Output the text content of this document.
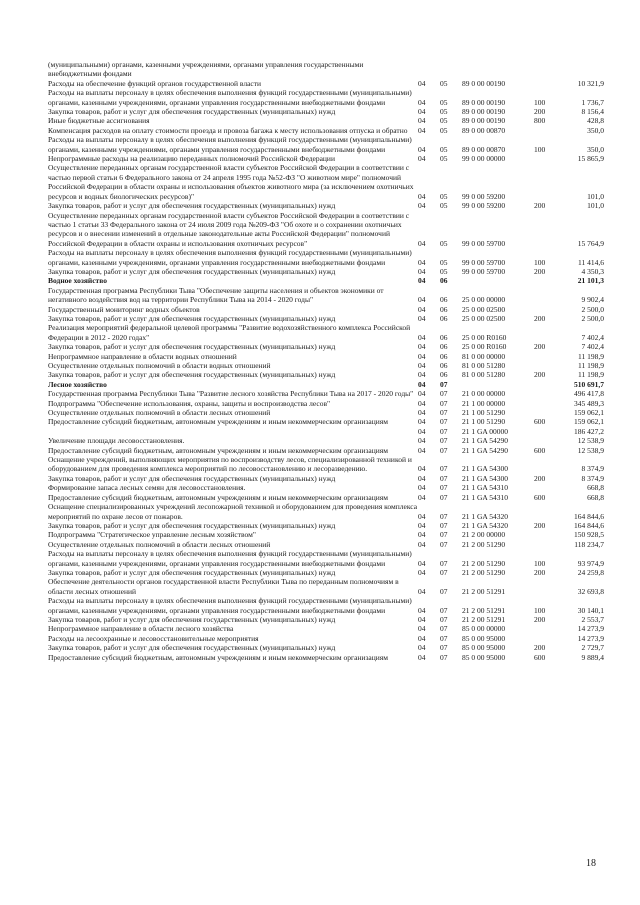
(муниципальными) органами, казенными учреждениями, органами управления государственными внебюджетными фондами					
Расходы на обеспечение функций органов государственной власти	04	05	89 0 00 00190		10 321,9
Расходы на выплаты персоналу в целях обеспечения выполнения функций государственными (муниципальными) органами, казенными учреждениями, органами управления государственными внебюджетными фондами	04	05	89 0 00 00190	100	1 736,7
Закупка товаров, работ и услуг для обеспечения государственных (муниципальных) нужд	04	05	89 0 00 00190	200	8 156,4
Иные бюджетные ассигнования	04	05	89 0 00 00190	800	428,8
Компенсация расходов на оплату стоимости проезда и провоза багажа к месту использования отпуска и обратно	04	05	89 0 00 00870		350,0
Расходы на выплаты персоналу в целях обеспечения выполнения функций государственными (муниципальными) органами, казенными учреждениями, органами управления государственными внебюджетными фондами	04	05	89 0 00 00870	100	350,0
Непрограммные расходы на реализацию переданных полномочий Российской Федерации	04	05	99 0 00 00000		15 865,9
Осуществление переданных органам государственной власти субъектов Российской Федерации в соответствии с частью первой статьи 6 Федерального закона от 24 апреля 1995 года №52-ФЗ "О животном мире" полномочий Российской Федерации в области охраны и использования объектов животного мира (за исключением охотничьих ресурсов и водных биологических ресурсов)"	04	05	99 0 00 59200		101,0
Закупка товаров, работ и услуг для обеспечения государственных (муниципальных) нужд	04	05	99 0 00 59200	200	101,0
Осуществление переданных органам государственной власти субъектов Российской Федерации в соответствии с частью 1 статьи 33 Федерального закона от 24 июля 2009 года №209-ФЗ "Об охоте и о сохранении охотничьих ресурсов и о внесении изменений в отдельные законодательные акты Российской Федерации" полномочий Российской Федерации в области охраны и использования охотничьих ресурсов"	04	05	99 0 00 59700		15 764,9
Расходы на выплаты персоналу в целях обеспечения выполнения функций государственными (муниципальными) органами, казенными учреждениями, органами управления государственными внебюджетными фондами	04	05	99 0 00 59700	100	11 414,6
Закупка товаров, работ и услуг для обеспечения государственных (муниципальных) нужд	04	05	99 0 00 59700	200	4 350,3
Водное хозяйство	04	06			21 101,3
Государственная программа Республики Тыва "Обеспечение защиты населения и объектов экономики от негативного воздействия вод на территории Республики Тыва на 2014 - 2020 годы"	04	06	25 0 00 00000		9 902,4
Государственный мониторинг водных объектов	04	06	25 0 00 02500		2 500,0
Закупка товаров, работ и услуг для обеспечения государственных (муниципальных) нужд	04	06	25 0 00 02500	200	2 500,0
Реализация мероприятий федеральной целевой программы "Развитие водохозяйственного комплекса Российской Федерации в 2012 - 2020 годах"	04	06	25 0 00 R0160		7 402,4
Закупка товаров, работ и услуг для обеспечения государственных (муниципальных) нужд	04	06	25 0 00 R0160	200	7 402,4
Непрограммное направление в области водных отношений	04	06	81 0 00 00000		11 198,9
Осуществление отдельных полномочий в области водных отношений	04	06	81 0 00 51280		11 198,9
Закупка товаров, работ и услуг для обеспечения государственных (муниципальных) нужд	04	06	81 0 00 51280	200	11 198,9
Лесное хозяйство	04	07			510 691,7
Государственная программа Республики Тыва "Развитие лесного хозяйства Республики Тыва на 2017 - 2020 годы"	04	07	21 0 00 00000		496 417,8
Подпрограмма "Обеспечение использования, охраны, защиты и воспроизводства лесов"	04	07	21 1 00 00000		345 489,3
Осуществление отдельных полномочий в области лесных отношений	04	07	21 1 00 51290		159 062,1
Предоставление субсидий бюджетным, автономным учреждениям и иным некоммерческим организациям	04	07	21 1 00 51290	600	159 062,1
	04	07	21 1 GA 00000		186 427,2
Увеличение площади лесовосстановления.	04	07	21 1 GA 54290		12 538,9
Предоставление субсидий бюджетным, автономным учреждениям и иным некоммерческим организациям	04	07	21 1 GA 54290	600	12 538,9
Оснащение учреждений, выполняющих мероприятия по воспроизводству лесов, специализированной техникой и оборудованием для проведения комплекса мероприятий по лесовосстановлению и лесоразведению.	04	07	21 1 GA 54300		8 374,9
Закупка товаров, работ и услуг для обеспечения государственных (муниципальных) нужд	04	07	21 1 GA 54300	200	8 374,9
Формирование запаса лесных семян для лесовосстановления.	04	07	21 1 GA 54310		668,8
Предоставление субсидий бюджетным, автономным учреждениям и иным некоммерческим организациям	04	07	21 1 GA 54310	600	668,8
Оснащение специализированных учреждений лесопожарной техникой и оборудованием для проведения комплекса мероприятий по охране лесов от пожаров.	04	07	21 1 GA 54320		164 844,6
Закупка товаров, работ и услуг для обеспечения государственных (муниципальных) нужд	04	07	21 1 GA 54320	200	164 844,6
Подпрограмма "Стратегическое управление лесным хозяйством"	04	07	21 2 00 00000		150 928,5
Осуществление отдельных полномочий в области лесных отношений	04	07	21 2 00 51290		118 234,7
Расходы на выплаты персоналу в целях обеспечения выполнения функций государственными (муниципальными) органами, казенными учреждениями, органами управления государственными внебюджетными фондами	04	07	21 2 00 51290	100	93 974,9
Закупка товаров, работ и услуг для обеспечения государственных (муниципальных) нужд	04	07	21 2 00 51290	200	24 259,8
Обеспечение деятельности органов государственной власти Республики Тыва по переданным полномочиям в области лесных отношений	04	07	21 2 00 51291		32 693,8
Расходы на выплаты персоналу в целях обеспечения выполнения функций государственными (муниципальными) органами, казенными учреждениями, органами управления государственными внебюджетными фондами	04	07	21 2 00 51291	100	30 140,1
Закупка товаров, работ и услуг для обеспечения государственных (муниципальных) нужд	04	07	21 2 00 51291	200	2 553,7
Непрограммное направление в области лесного хозяйства	04	07	85 0 00 00000		14 273,9
Расходы на лесоохранные и лесовосстановительные мероприятия	04	07	85 0 00 95000		14 273,9
Закупка товаров, работ и услуг для обеспечения государственных (муниципальных) нужд	04	07	85 0 00 95000	200	2 729,7
Предоставление субсидий бюджетным, автономным учреждениям и иным некоммерческим организациям	04	07	85 0 00 95000	600	9 889,4
18
